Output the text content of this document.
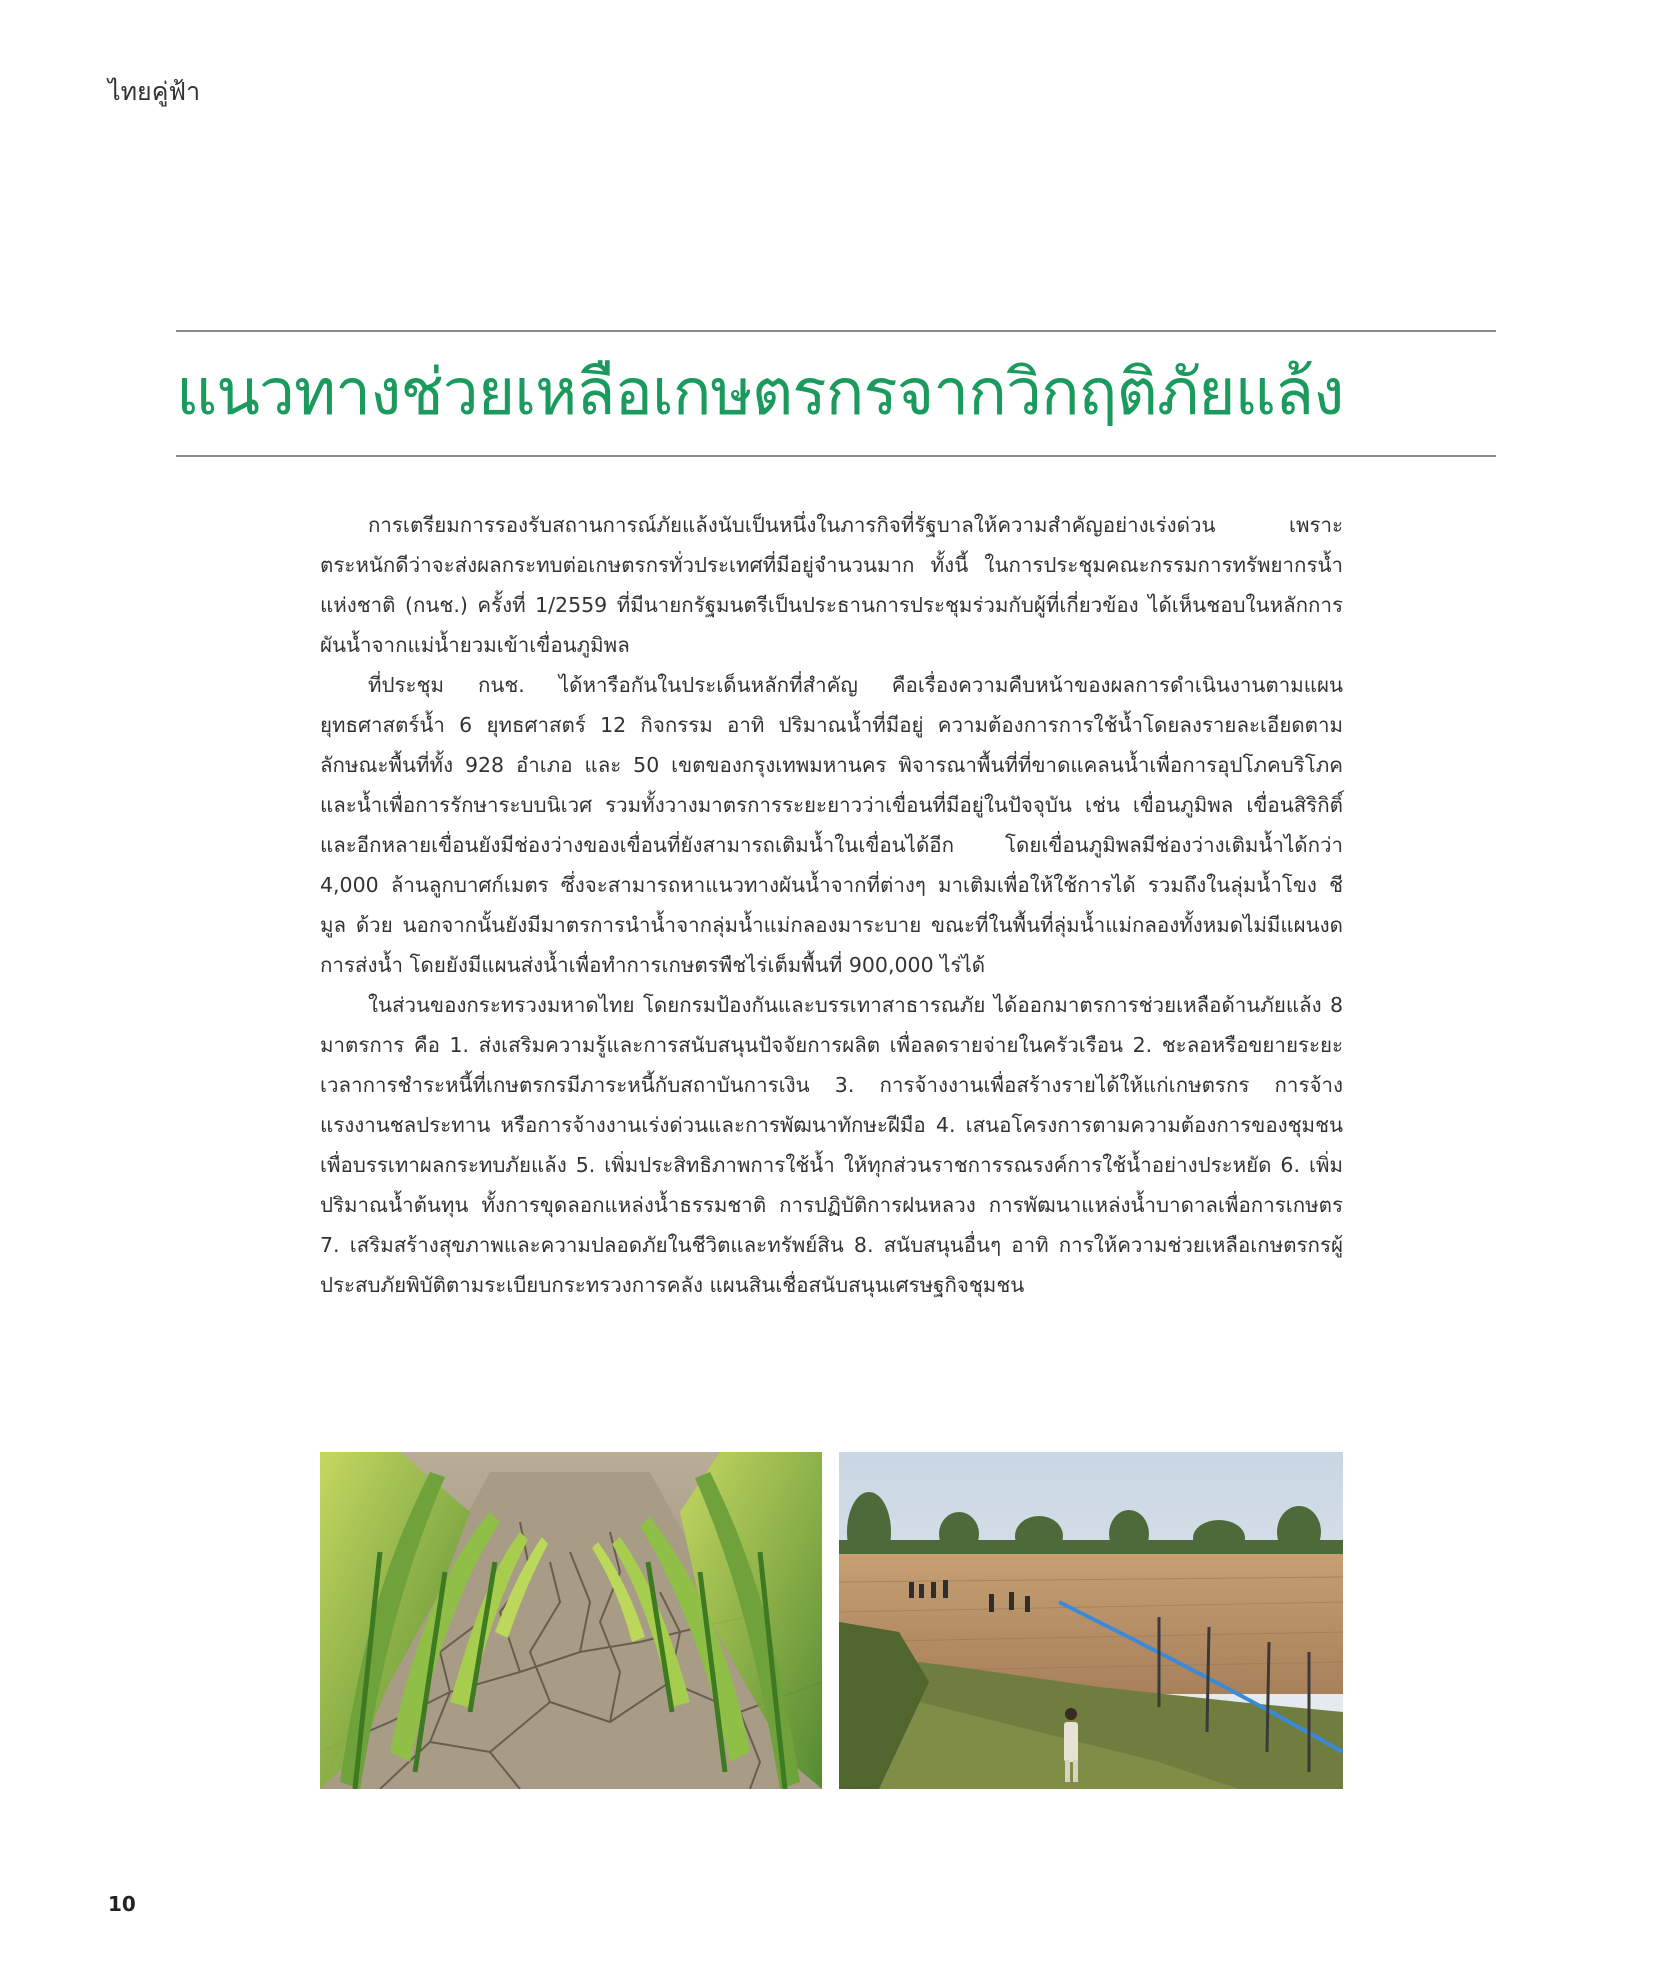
ไทยคู่ฟ้า
แนวทางช่วยเหลือเกษตรกรจากวิกฤติภัยแล้ง

การเตรียมการรองรับสถานการณ์ภัยแล้งนับเป็นหนึ่งในภารกิจที่รัฐบาลให้ความสำคัญอย่างเร่งด่วน เพราะตระหนักดีว่าจะส่งผลกระทบต่อเกษตรกรทั่วประเทศที่มีอยู่จำนวนมาก ทั้งนี้ ในการประชุมคณะกรรมการทรัพยากรน้ำแห่งชาติ (กนช.) ครั้งที่ 1/2559 ที่มีนายกรัฐมนตรีเป็นประธานการประชุมร่วมกับผู้ที่เกี่ยวข้อง ได้เห็นชอบในหลักการผันน้ำจากแม่น้ำยวมเข้าเขื่อนภูมิพล

ที่ประชุม กนช. ได้หารือกันในประเด็นหลักที่สำคัญ คือเรื่องความคืบหน้าของผลการดำเนินงานตามแผนยุทธศาสตร์น้ำ 6 ยุทธศาสตร์ 12 กิจกรรม อาทิ ปริมาณน้ำที่มีอยู่ ความต้องการการใช้น้ำโดยลงรายละเอียดตามลักษณะพื้นที่ทั้ง 928 อำเภอ และ 50 เขตของกรุงเทพมหานคร พิจารณาพื้นที่ที่ขาดแคลนน้ำเพื่อการอุปโภคบริโภค และน้ำเพื่อการรักษาระบบนิเวศ รวมทั้งวางมาตรการระยะยาวว่าเขื่อนที่มีอยู่ในปัจจุบัน เช่น เขื่อนภูมิพล เขื่อนสิริกิติ์ และอีกหลายเขื่อนยังมีช่องว่างของเขื่อนที่ยังสามารถเติมน้ำในเขื่อนได้อีก โดยเขื่อนภูมิพลมีช่องว่างเติมน้ำได้กว่า 4,000 ล้านลูกบาศก์เมตร ซึ่งจะสามารถหาแนวทางผันน้ำจากที่ต่างๆ มาเติมเพื่อให้ใช้การได้ รวมถึงในลุ่มน้ำโขง ชี มูล ด้วย นอกจากนั้นยังมีมาตรการนำน้ำจากลุ่มน้ำแม่กลองมาระบาย ขณะที่ในพื้นที่ลุ่มน้ำแม่กลองทั้งหมดไม่มีแผนงดการส่งน้ำ โดยยังมีแผนส่งน้ำเพื่อทำการเกษตรพืชไร่เต็มพื้นที่ 900,000 ไร่ได้

ในส่วนของกระทรวงมหาดไทย โดยกรมป้องกันและบรรเทาสาธารณภัย ได้ออกมาตรการช่วยเหลือด้านภัยแล้ง 8 มาตรการ คือ 1. ส่งเสริมความรู้และการสนับสนุนปัจจัยการผลิต เพื่อลดรายจ่ายในครัวเรือน 2. ชะลอหรือขยายระยะเวลาการชำระหนี้ที่เกษตรกรมีภาระหนี้กับสถาบันการเงิน 3. การจ้างงานเพื่อสร้างรายได้ให้แก่เกษตรกร การจ้างแรงงานชลประทาน หรือการจ้างงานเร่งด่วนและการพัฒนาทักษะฝีมือ 4. เสนอโครงการตามความต้องการของชุมชน เพื่อบรรเทาผลกระทบภัยแล้ง 5. เพิ่มประสิทธิภาพการใช้น้ำ ให้ทุกส่วนราชการรณรงค์การใช้น้ำอย่างประหยัด 6. เพิ่มปริมาณน้ำต้นทุน ทั้งการขุดลอกแหล่งน้ำธรรมชาติ การปฏิบัติการฝนหลวง การพัฒนาแหล่งน้ำบาดาลเพื่อการเกษตร 7. เสริมสร้างสุขภาพและความปลอดภัยในชีวิตและทรัพย์สิน 8. สนับสนุนอื่นๆ อาทิ การให้ความช่วยเหลือเกษตรกรผู้ประสบภัยพิบัติตามระเบียบกระทรวงการคลัง แผนสินเชื่อสนับสนุนเศรษฐกิจชุมชน

10
